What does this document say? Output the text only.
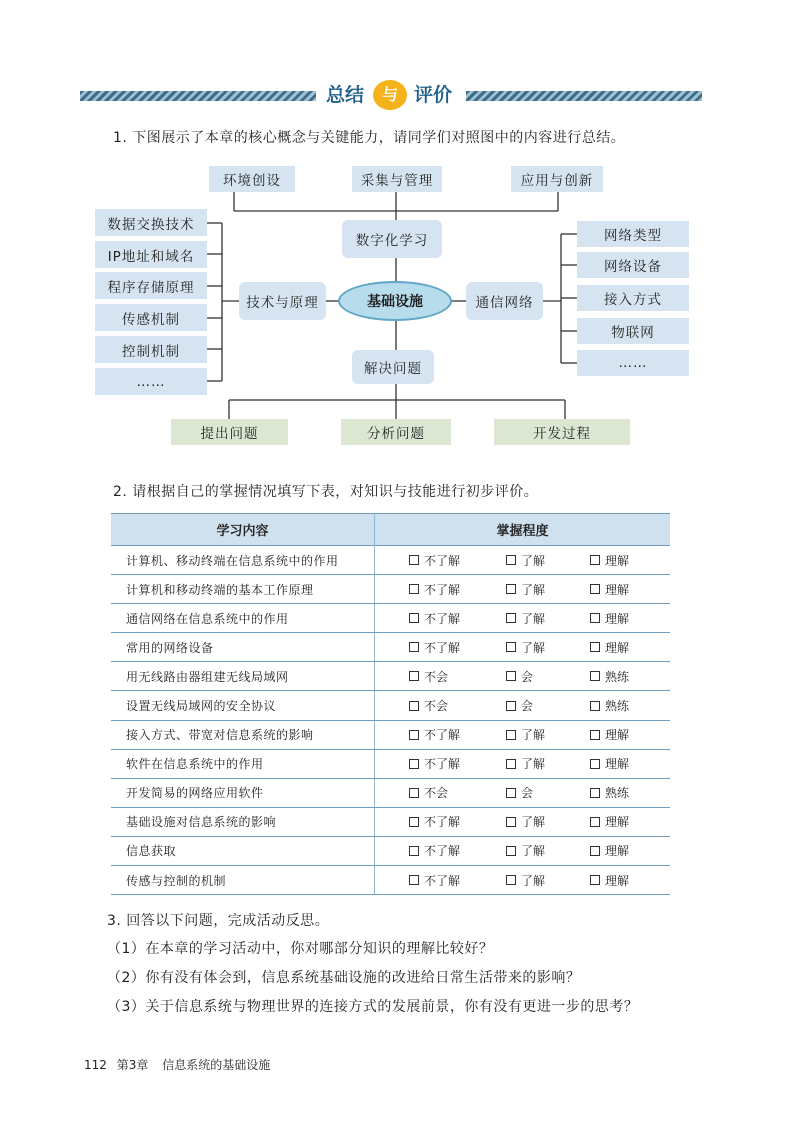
总结	与 评价
1. 下图展示了本章的核心概念与关键能力，请同学们对照图中的内容进行总结。
环境创设	采集与管理	应用与创新
数字化学习
基础设施
解决问题
技术与原理	通信网络
数据交换技术
IP地址和域名
程序存储原理
传感机制
控制机制
……
网络类型
网络设备
接入方式
物联网
……
提出问题	分析问题	开发过程
2. 请根据自己的掌握情况填写下表，对知识与技能进行初步评价。
学习内容	掌握程度
计算机、移动终端在信息系统中的作用	不了解 了解 理解

计算机和移动终端的基本工作原理	不了解 了解 理解

通信网络在信息系统中的作用	不了解 了解 理解

常用的网络设备	不了解 了解 理解

用无线路由器组建无线局域网	不会 会 熟练

设置无线局域网的安全协议	不会 会 熟练

接入方式、带宽对信息系统的影响	不了解 了解 理解

软件在信息系统中的作用	不了解 了解 理解

开发简易的网络应用软件	不会 会 熟练

基础设施对信息系统的影响	不了解 了解 理解

信息获取	不了解 了解 理解

传感与控制的机制	不了解 了解 理解
3. 回答以下问题，完成活动反思。
（1）在本章的学习活动中，你对哪部分知识的理解比较好？
（2）你有没有体会到，信息系统基础设施的改进给日常生活带来的影响？
（3）关于信息系统与物理世界的连接方式的发展前景，你有没有更进一步的思考？
112 第3章 信息系统的基础设施
